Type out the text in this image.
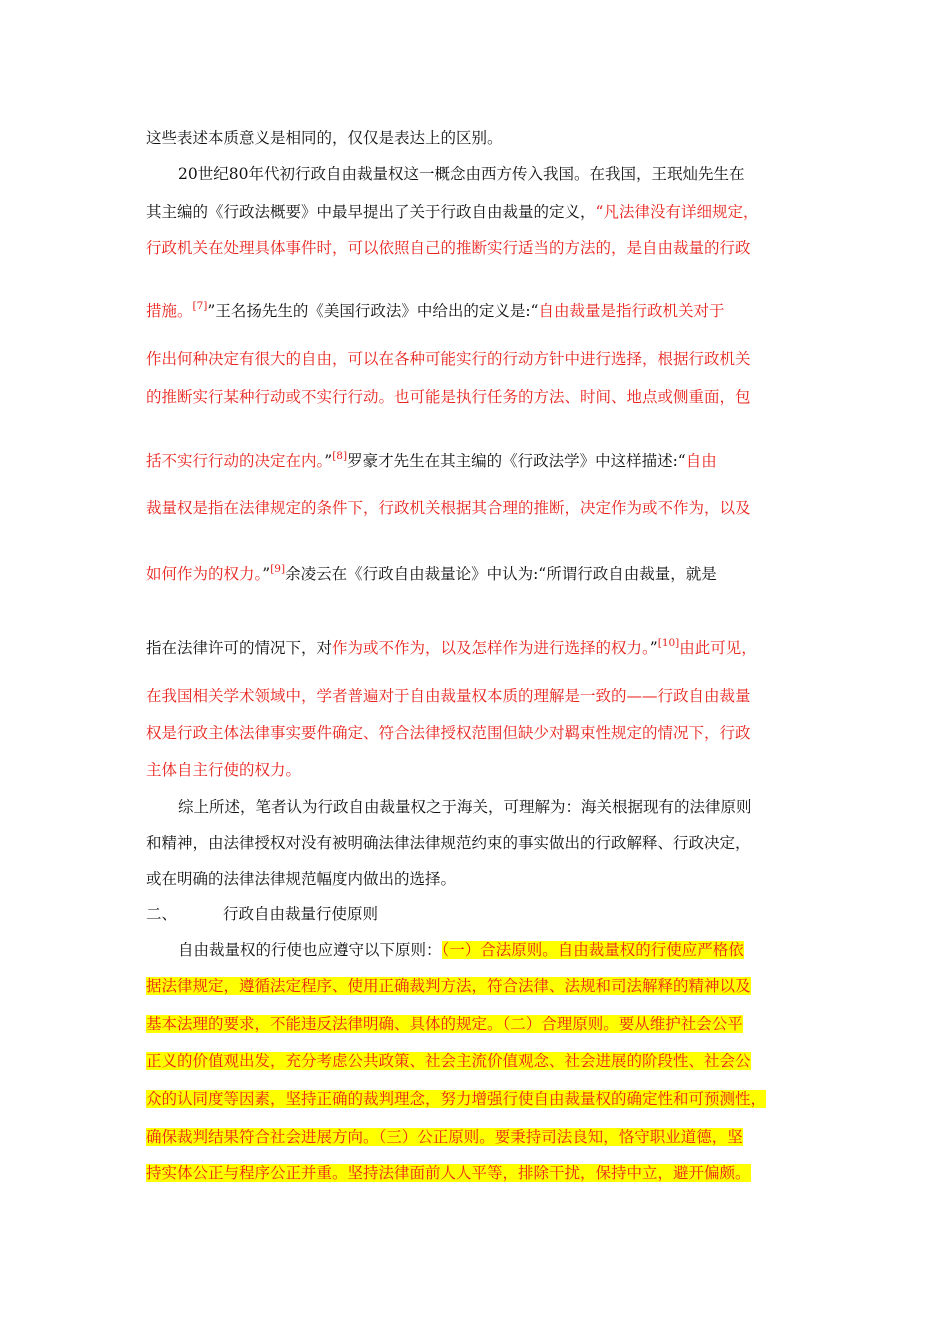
这些表述本质意义是相同的，仅仅是表达上的区别。
20世纪80年代初行政自由裁量权这一概念由西方传入我国。在我国，王珉灿先生在
其主编的《行政法概要》中最早提出了关于行政自由裁量的定义，“凡法律没有详细规定，
行政机关在处理具体事件时，可以依照自己的推断实行适当的方法的，是自由裁量的行政
措施。[7]”王名扬先生的《美国行政法》中给出的定义是:“自由裁量是指行政机关对于
作出何种决定有很大的自由，可以在各种可能实行的行动方针中进行选择，根据行政机关
的推断实行某种行动或不实行行动。也可能是执行任务的方法、时间、地点或侧重面，包
括不实行行动的决定在内。”[8]罗豪才先生在其主编的《行政法学》中这样描述:“自由
裁量权是指在法律规定的条件下，行政机关根据其合理的推断，决定作为或不作为，以及
如何作为的权力。”[9]余凌云在《行政自由裁量论》中认为:“所谓行政自由裁量，就是
指在法律许可的情况下，对作为或不作为，以及怎样作为进行选择的权力。”[10]由此可见，
在我国相关学术领域中，学者普遍对于自由裁量权本质的理解是一致的——行政自由裁量
权是行政主体法律事实要件确定、符合法律授权范围但缺少对羁束性规定的情况下，行政
主体自主行使的权力。
综上所述，笔者认为行政自由裁量权之于海关，可理解为：海关根据现有的法律原则
和精神，由法律授权对没有被明确法律法律规范约束的事实做出的行政解释、行政决定，
或在明确的法律法律规范幅度内做出的选择。
二、	行政自由裁量行使原则
自由裁量权的行使也应遵守以下原则：（一）合法原则。自由裁量权的行使应严格依
据法律规定，遵循法定程序、使用正确裁判方法，符合法律、法规和司法解释的精神以及
基本法理的要求，不能违反法律明确、具体的规定。（二）合理原则。要从维护社会公平
正义的价值观出发，充分考虑公共政策、社会主流价值观念、社会进展的阶段性、社会公
众的认同度等因素，坚持正确的裁判理念，努力增强行使自由裁量权的确定性和可预测性，
确保裁判结果符合社会进展方向。（三）公正原则。要秉持司法良知，恪守职业道德，坚
持实体公正与程序公正并重。坚持法律面前人人平等，排除干扰，保持中立，避开偏颇。
